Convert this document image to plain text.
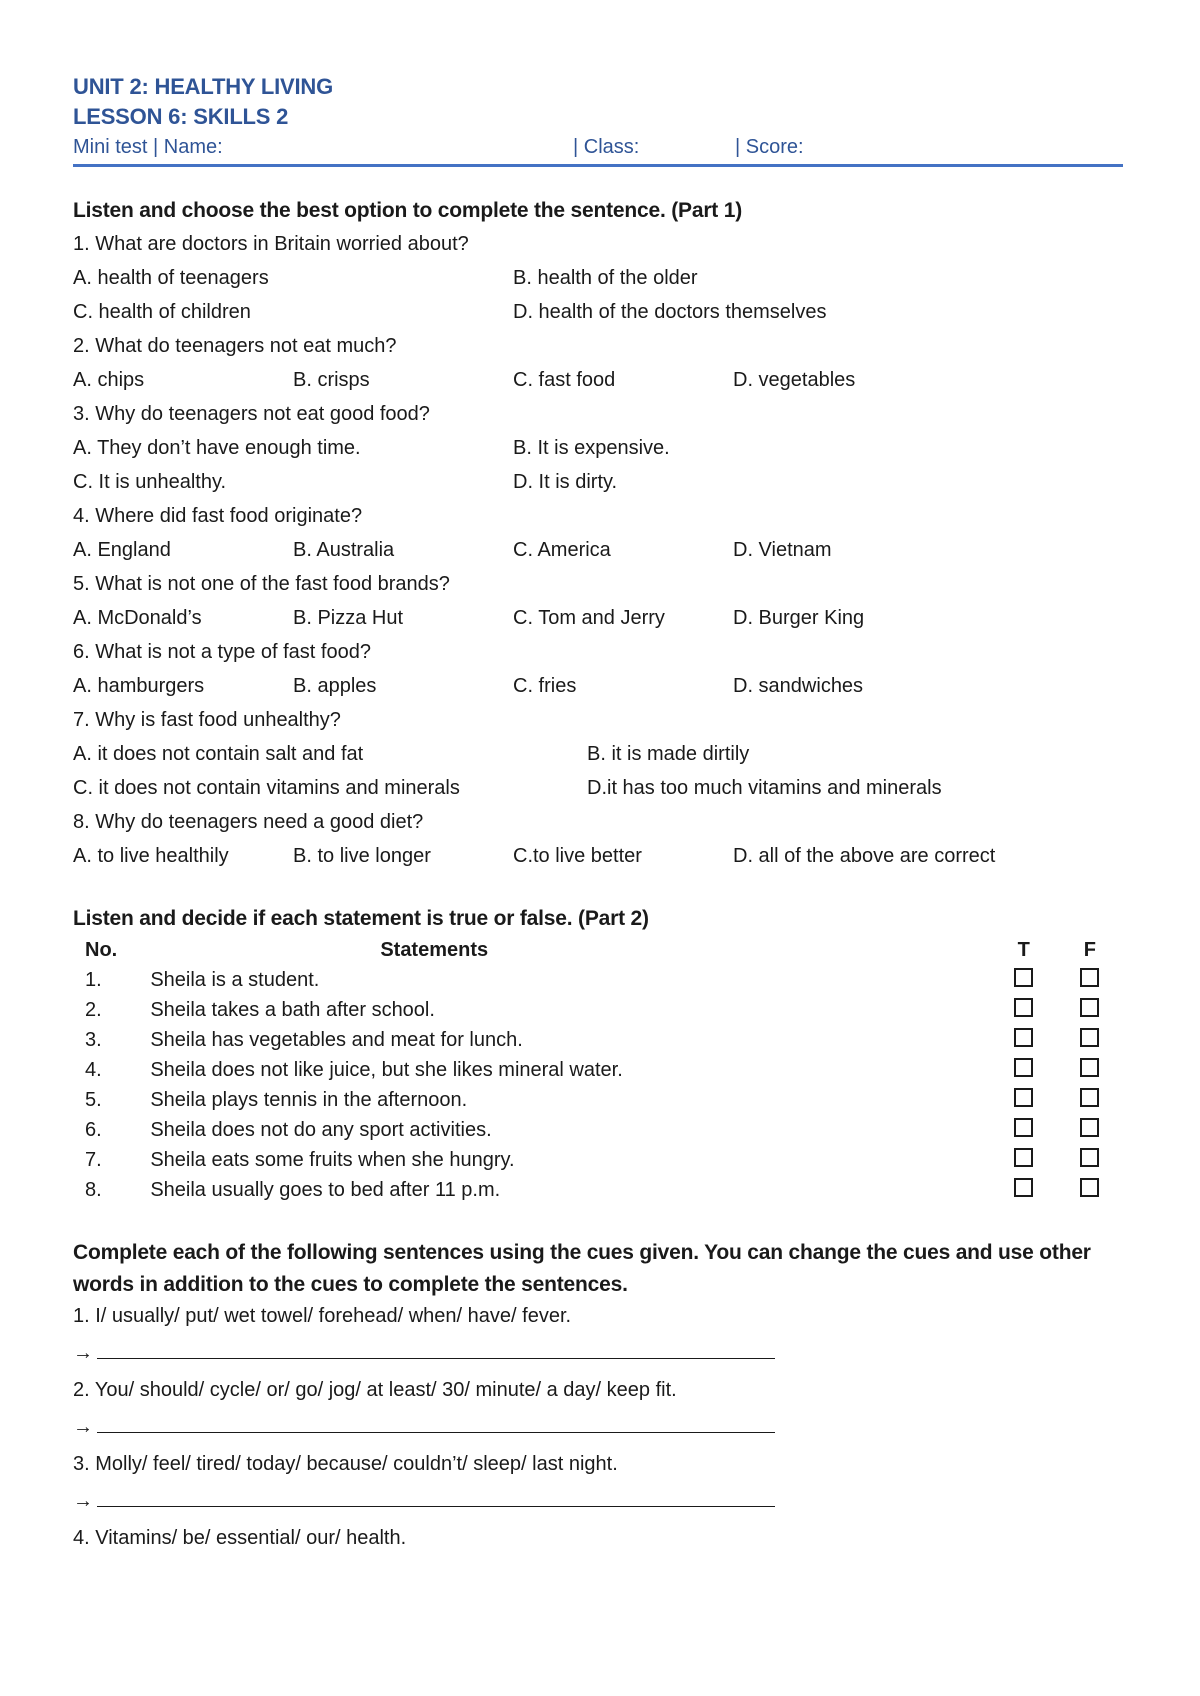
UNIT 2: HEALTHY LIVING
LESSON 6: SKILLS 2
Mini test | Name:	| Class:	| Score:
Listen and choose the best option to complete the sentence. (Part 1)
1. What are doctors in Britain worried about?
A. health of teenagers	B. health of the older
C. health of children	D. health of the doctors themselves
2. What do teenagers not eat much?
A. chips	B. crisps	C. fast food	D. vegetables
3. Why do teenagers not eat good food?
A. They don’t have enough time.	B. It is expensive.
C. It is unhealthy.	D. It is dirty.
4. Where did fast food originate?
A. England	B. Australia	C. America	D. Vietnam
5. What is not one of the fast food brands?
A. McDonald’s	B. Pizza Hut	C. Tom and Jerry	D. Burger King
6. What is not a type of fast food?
A. hamburgers	B. apples	C. fries	D. sandwiches
7. Why is fast food unhealthy?
A. it does not contain salt and fat	B. it is made dirtily
C. it does not contain vitamins and minerals	D.it has too much vitamins and minerals
8. Why do teenagers need a good diet?
A. to live healthily	B. to live longer	C.to live better	D. all of the above are correct
Listen and decide if each statement is true or false. (Part 2)
No.	Statements	T	F
1.	Sheila is a student.		
2.	Sheila takes a bath after school.		
3.	Sheila has vegetables and meat for lunch.		
4.	Sheila does not like juice, but she likes mineral water.		
5.	Sheila plays tennis in the afternoon.		
6.	Sheila does not do any sport activities.		
7.	Sheila eats some fruits when she hungry.		
8.	Sheila usually goes to bed after 11 p.m.		
Complete each of the following sentences using the cues given. You can change the cues and use other
words in addition to the cues to complete the sentences.
1. I/ usually/ put/ wet towel/ forehead/ when/ have/ fever.
→
2. You/ should/ cycle/ or/ go/ jog/ at least/ 30/ minute/ a day/ keep fit.
→
3. Molly/ feel/ tired/ today/ because/ couldn’t/ sleep/ last night.
→
4. Vitamins/ be/ essential/ our/ health.
